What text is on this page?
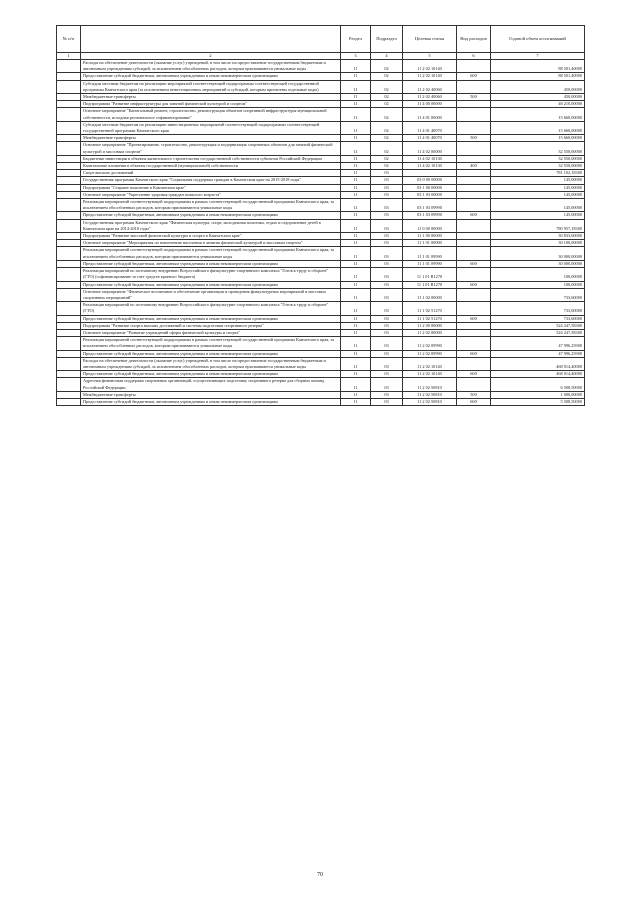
№ п/п		Раздел	Подраздел	Целевая статья	Вид расходов	Годовой объем ассигнований
1	2	3	4	5	6	7
	Расходы на обеспечение деятельности (оказание услуг) учреждений, в том числе на предоставление государственным бюджетным и автономным учреждениям субсидий, за исключением обособленных расходов, которым присваиваются уникальные коды	11	02	11 2 02 10140		88 501,40000
	Предоставление субсидий бюджетным, автономным учреждениям и иным некоммерческим организациям	11	02	11 2 02 10140	600	88 501,40000
	Субсидии местным бюджетам на реализацию мероприятий соответствующей подпрограммы соответствующей государственной программы Камчатского края (за исключением инвестиционных мероприятий и субсидий, которым присвоены отдельные коды)	11	02	11 2 02 40060		450,00000
	Межбюджетные трансферты	11	02	11 2 02 40060	500	450,00000
	Подпрограмма "Развитие инфраструктуры для занятий физической культурой и спортом"	11	02	11 4 00 00000		48 210,00000
	Основное мероприятие "Капитальный ремонт, строительство, реконструкция объектов спортивной инфраструктуры муниципальной собственности, исходная региональное софинансирование"	11	02	11 4 01 00000		15 660,00000
	Субсидии местным бюджетам на реализацию инвестиционных мероприятий соответствующей подпрограммы соответствующей государственной программы Камчатского края	11	02	11 4 01 40070		15 660,00000
	Межбюджетные трансферты	11	02	11 4 01 40070	500	15 660,00000
	Основное мероприятие "Проектирование, строительство, реконструкция и модернизация спортивных объектов для занятий физической культурой и массовым спортом"	11	02	11 4 02 00000		32 550,00000
	Бюджетные инвестиции в объекты капитального строительства государственной собственности субъектов Российской Федерации	11	02	11 4 02 10130		32 550,00000
	Капитальные вложения в объекты государственной (муниципальной) собственности	11	02	11 4 02 10130	400	32 550,00000
	Спорт высших достижений	11	03			781 102,18300
	Государственная программа Камчатского края "Социальная поддержка граждан в Камчатском крае на 2015-2018 годы"	11	03	03 0 00 00000		145,00000
	Подпрограмма "Старшее поколение в Камчатском крае"	11	03	03 1 00 00000		145,00000
	Основное мероприятие "Укрепление здоровья граждан пожилого возраста"	11	03	03 1 03 00000		145,00000
	Реализация мероприятий соответствующей подпрограммы в рамках соответствующей государственной программы Камчатского края, за исключением обособленных расходов, которым присваиваются уникальные коды	11	03	03 1 03 09990		145,00000
	Предоставление субсидий бюджетным, автономным учреждениям и иным некоммерческим организациям	11	03	03 1 03 09990	600	145,00000
	Государственная программа Камчатского края "Физическая культура, спорт, молодежная политика, отдых и оздоровление детей в Камчатском крае на 2014-2018 годы"	11	03	11 0 00 00000		780 957,18300
	Подпрограмма "Развитие массовой физической культуры и спорта в Камчатском крае"	11	03	11 1 00 00000		30 833,60000
	Основное мероприятие "Мероприятия по вовлечению населения в занятия физической культурой и массовым спортом"	11	03	11 1 01 00000		30 100,00000
	Реализация мероприятий соответствующей подпрограммы в рамках соответствующей государственной программы Камчатского края, за исключением обособленных расходов, которым присваиваются уникальные коды	11	03	11 1 01 09990		30 000,00000
	Предоставление субсидий бюджетным, автономным учреждениям и иным некоммерческим организациям	11	03	11 1 01 09990	600	30 000,00000
	Реализация мероприятий по поэтапному внедрению Всероссийского физкультурно-спортивного комплекса "Готов к труду и обороне" (ГТО) (софинансирование за счет средств краевого бюджета)	11	03	11 1 01 R1270		100,00000
	Предоставление субсидий бюджетным, автономным учреждениям и иным некоммерческим организациям	11	03	11 1 01 R1270	600	100,00000
	Основное мероприятие "Физическое воспитание и обеспечение организации и проведения физкультурных мероприятий и массовых спортивных мероприятий"	11	03	11 1 02 00000		733,60000
	Реализация мероприятий по поэтапному внедрению Всероссийского физкультурно-спортивного комплекса "Готов к труду и обороне" (ГТО)	11	03	11 1 02 51270		733,60000
	Предоставление субсидий бюджетным, автономным учреждениям и иным некоммерческим организациям	11	03	11 1 02 51270	600	733,60000
	Подпрограмма "Развитие спорта высших достижений и системы подготовки спортивного резерва"	11	03	11 2 00 00000		524 247,58300
	Основное мероприятие "Развитие учреждений сферы физической культуры и спорта"	11	03	11 2 02 00000		524 247,58300
	Реализация мероприятий соответствующей подпрограммы в рамках соответствующей государственной программы Камчатского края, за исключением обособленных расходов, которым присваиваются уникальные коды	11	03	11 2 02 09990		47 996,25900
	Предоставление субсидий бюджетным, автономным учреждениям и иным некоммерческим организациям	11	03	11 2 02 09990	600	47 996,25900
	Расходы на обеспечение деятельности (оказание услуг) учреждений, в том числе на предоставление государственным бюджетным и автономным учреждениям субсидий, за исключением обособленных расходов, которым присваиваются уникальные коды	11	03	11 2 02 10140		468 014,40000
	Предоставление субсидий бюджетным, автономным учреждениям и иным некоммерческим организациям	11	03	11 2 02 10140	600	468 014,40000
	Адресная финансовая поддержка спортивных организаций, осуществляющих подготовку спортивного резерва для сборных команд Российской Федерации	11	03	11 2 02 50810		6 508,50000
	Межбюджетные трансферты	11	03	11 2 02 50810	500	1 000,00000
	Предоставление субсидий бюджетным, автономным учреждениям и иным некоммерческим организациям	11	03	11 2 02 50810	600	5 508,50000
70
